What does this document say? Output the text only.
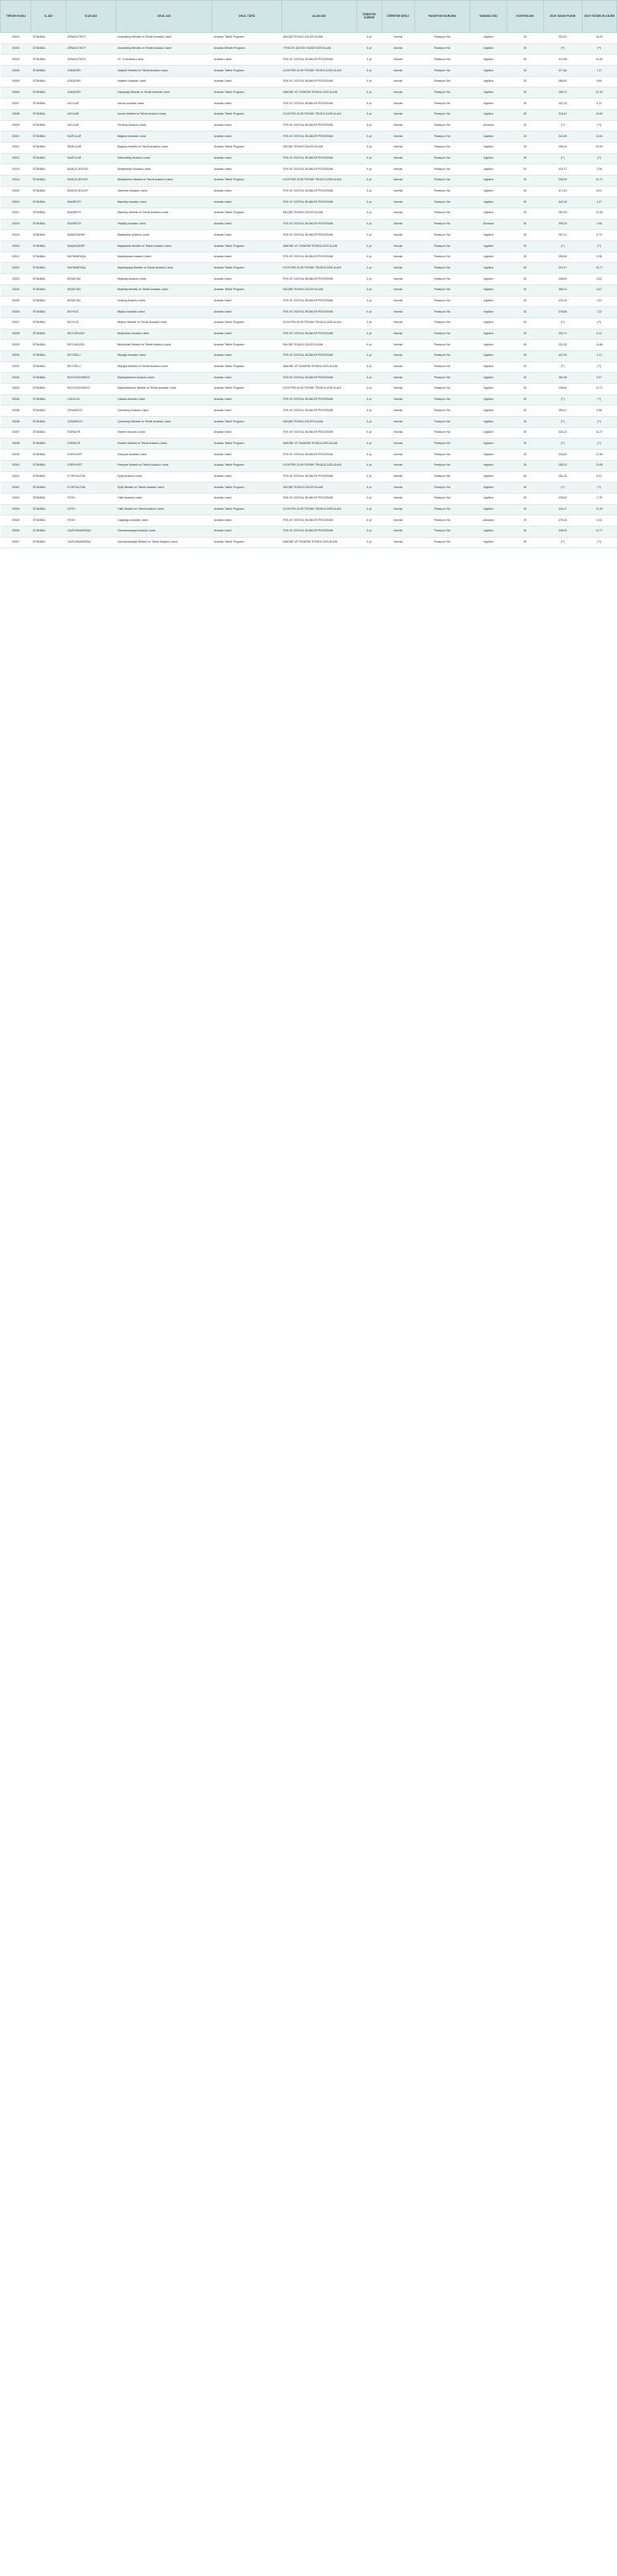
TERCİH KODU	İL ADI	İLÇE ADI	OKUL ADI	OKUL TÜRÜ	ALAN ADI	ÖĞRETİM SÜRESİ	ÖĞRETİM ŞEKLİ	PANSİYON DURUMU	YABANCI DİLİ	KONTENJAN	2019 TAVAN PUANI	2019 YÜZDELİK DİLİMİ
33001	İSTANBUL	ARNAVUTKÖY	Arnavutköy Mesleki ve Teknik Anadolu Lisesi	Anadolu Teknik Programı	BİLİŞİM TEKNOLOJİLERİ ALANI	4 yıl	Normal	Pansiyon Yok	İngilizce	30	303,20	18,20
33002	İSTANBUL	ARNAVUTKÖY	Arnavutköy Mesleki ve Teknik Anadolu Lisesi	Anadolu Meslek Programı	YİYECEK İÇECEK HİZMETLERİ ALANI	4 yıl	Normal	Pansiyon Yok	İngilizce	30	(**)	(**)
33003	İSTANBUL	ARNAVUTKÖY	75. Yıl Anadolu Lisesi	Anadolu Lisesi	FEN VE SOSYAL BİLİMLER PROGRAMI	4 yıl	Normal	Pansiyon Yok	İngilizce	30	312,98	16,45
33004	İSTANBUL	ATAŞEHİR	Ataşehir Mesleki ve Teknik Anadolu Lisesi	Anadolu Teknik Programı	ELEKTRİK-ELEKTRONİK TEKNOLOJİSİ ALANI	4 yıl	Normal	Pansiyon Yok	İngilizce	30	377,66	7,37
33005	İSTANBUL	ATAŞEHİR	Ataşehir Anadolu Lisesi	Anadolu Lisesi	FEN VE SOSYAL BİLİMLER PROGRAMI	4 yıl	Normal	Pansiyon Yok	İngilizce	30	386,59	5,89
33006	İSTANBUL	ATAŞEHİR	Kayışdağı Mesleki ve Teknik Anadolu Lisesi	Anadolu Teknik Programı	MAKİNE VE TASARIM TEKNOLOJİSİ ALANI	4 yıl	Normal	Pansiyon Yok	İngilizce	30	288,70	22,19
33007	İSTANBUL	AVCILAR	Avcılar Anadolu Lisesi	Anadolu Lisesi	FEN VE SOSYAL BİLİMLER PROGRAMI	4 yıl	Normal	Pansiyon Yok	İngilizce	30	402,15	4,12
33008	İSTANBUL	AVCILAR	Avcılar Mesleki ve Teknik Anadolu Lisesi	Anadolu Teknik Programı	ELEKTRİK-ELEKTRONİK TEKNOLOJİSİ ALANI	4 yıl	Normal	Pansiyon Yok	İngilizce	30	318,42	15,60
33009	İSTANBUL	AVCILAR	Firuzköy Anadolu Lisesi	Anadolu Lisesi	FEN VE SOSYAL BİLİMLER PROGRAMI	4 yıl	Normal	Pansiyon Yok	Almanca	30	(**)	(**)
33010	İSTANBUL	BAĞCILAR	Bağcılar Anadolu Lisesi	Anadolu Lisesi	FEN VE SOSYAL BİLİMLER PROGRAMI	4 yıl	Normal	Pansiyon Yok	İngilizce	30	341,55	11,84
33011	İSTANBUL	BAĞCILAR	Bağcılar Mesleki ve Teknik Anadolu Lisesi	Anadolu Teknik Programı	BİLİŞİM TEKNOLOJİLERİ ALANI	4 yıl	Normal	Pansiyon Yok	İngilizce	30	296,14	20,33
33012	İSTANBUL	BAĞCILAR	Mahmutbey Anadolu Lisesi	Anadolu Lisesi	FEN VE SOSYAL BİLİMLER PROGRAMI	4 yıl	Normal	Pansiyon Yok	İngilizce	30	(**)	(**)
33013	İSTANBUL	BAHÇELİEVLER	Bahçelievler Anadolu Lisesi	Anadolu Lisesi	FEN VE SOSYAL BİLİMLER PROGRAMI	4 yıl	Normal	Pansiyon Yok	İngilizce	30	415,77	2,98
33014	İSTANBUL	BAHÇELİEVLER	Bahçelievler Mesleki ve Teknik Anadolu Lisesi	Anadolu Teknik Programı	ELEKTRİK-ELEKTRONİK TEKNOLOJİSİ ALANI	4 yıl	Normal	Pansiyon Yok	İngilizce	30	330,09	13,71
33015	İSTANBUL	BAHÇELİEVLER	Şirinevler Anadolu Lisesi	Anadolu Lisesi	FEN VE SOSYAL BİLİMLER PROGRAMI	4 yıl	Normal	Pansiyon Yok	İngilizce	30	372,40	8,02
33016	İSTANBUL	BAKIRKÖY	Bakırköy Anadolu Lisesi	Anadolu Lisesi	FEN VE SOSYAL BİLİMLER PROGRAMI	4 yıl	Normal	Pansiyon Yok	İngilizce	30	442,18	1,47
33017	İSTANBUL	BAKIRKÖY	Bakırköy Mesleki ve Teknik Anadolu Lisesi	Anadolu Teknik Programı	BİLİŞİM TEKNOLOJİLERİ ALANI	4 yıl	Normal	Pansiyon Yok	İngilizce	30	351,90	10,45
33018	İSTANBUL	BAKIRKÖY	Yeşilköy Anadolu Lisesi	Anadolu Lisesi	FEN VE SOSYAL BİLİMLER PROGRAMI	4 yıl	Normal	Pansiyon Yok	Almanca	30	398,33	4,56
33019	İSTANBUL	BAŞAKŞEHİR	Başakşehir Anadolu Lisesi	Anadolu Lisesi	FEN VE SOSYAL BİLİMLER PROGRAMI	4 yıl	Normal	Pansiyon Yok	İngilizce	30	367,21	8,74
33020	İSTANBUL	BAŞAKŞEHİR	Başakşehir Mesleki ve Teknik Anadolu Lisesi	Anadolu Teknik Programı	MAKİNE VE TASARIM TEKNOLOJİSİ ALANI	4 yıl	Normal	Pansiyon Yok	İngilizce	30	(**)	(**)
33021	İSTANBUL	BAYRAMPAŞA	Bayrampaşa Anadolu Lisesi	Anadolu Lisesi	FEN VE SOSYAL BİLİMLER PROGRAMI	4 yıl	Normal	Pansiyon Yok	İngilizce	30	355,64	9,98
33022	İSTANBUL	BAYRAMPAŞA	Bayrampaşa Mesleki ve Teknik Anadolu Lisesi	Anadolu Teknik Programı	ELEKTRİK-ELEKTRONİK TEKNOLOJİSİ ALANI	4 yıl	Normal	Pansiyon Yok	İngilizce	30	301,47	18,77
33023	İSTANBUL	BEŞİKTAŞ	Beşiktaş Anadolu Lisesi	Anadolu Lisesi	FEN VE SOSYAL BİLİMLER PROGRAMI	4 yıl	Normal	Pansiyon Yok	İngilizce	30	468,50	0,62
33024	İSTANBUL	BEŞİKTAŞ	Beşiktaş Mesleki ve Teknik Anadolu Lisesi	Anadolu Teknik Programı	BİLİŞİM TEKNOLOJİLERİ ALANI	4 yıl	Normal	Pansiyon Yok	İngilizce	30	389,12	5,47
33025	İSTANBUL	BEŞİKTAŞ	Ortaköy Anadolu Lisesi	Anadolu Lisesi	FEN VE SOSYAL BİLİMLER PROGRAMI	4 yıl	Normal	Pansiyon Yok	İngilizce	30	421,06	2,51
33026	İSTANBUL	BEYKOZ	Beykoz Anadolu Lisesi	Anadolu Lisesi	FEN VE SOSYAL BİLİMLER PROGRAMI	4 yıl	Normal	Pansiyon Yok	İngilizce	30	378,88	7,22
33027	İSTANBUL	BEYKOZ	Beykoz Mesleki ve Teknik Anadolu Lisesi	Anadolu Teknik Programı	ELEKTRİK-ELEKTRONİK TEKNOLOJİSİ ALANI	4 yıl	Normal	Pansiyon Yok	İngilizce	30	(**)	(**)
33028	İSTANBUL	BEYLİKDÜZÜ	Beylikdüzü Anadolu Lisesi	Anadolu Lisesi	FEN VE SOSYAL BİLİMLER PROGRAMI	4 yıl	Normal	Pansiyon Yok	İngilizce	30	392,71	5,12
33029	İSTANBUL	BEYLİKDÜZÜ	Beylikdüzü Mesleki ve Teknik Anadolu Lisesi	Anadolu Teknik Programı	BİLİŞİM TEKNOLOJİLERİ ALANI	4 yıl	Normal	Pansiyon Yok	İngilizce	30	322,35	14,88
33030	İSTANBUL	BEYOĞLU	Beyoğlu Anadolu Lisesi	Anadolu Lisesi	FEN VE SOSYAL BİLİMLER PROGRAMI	4 yıl	Normal	Pansiyon Yok	İngilizce	30	447,93	1,21
33031	İSTANBUL	BEYOĞLU	Beyoğlu Mesleki ve Teknik Anadolu Lisesi	Anadolu Teknik Programı	MAKİNE VE TASARIM TEKNOLOJİSİ ALANI	4 yıl	Normal	Pansiyon Yok	İngilizce	30	(**)	(**)
33032	İSTANBUL	BÜYÜKÇEKMECE	Büyükçekmece Anadolu Lisesi	Anadolu Lisesi	FEN VE SOSYAL BİLİMLER PROGRAMI	4 yıl	Normal	Pansiyon Yok	İngilizce	30	361,08	9,37
33033	İSTANBUL	BÜYÜKÇEKMECE	Büyükçekmece Mesleki ve Teknik Anadolu Lisesi	Anadolu Teknik Programı	ELEKTRİK-ELEKTRONİK TEKNOLOJİSİ ALANI	4 yıl	Normal	Pansiyon Yok	İngilizce	30	298,64	19,71
33034	İSTANBUL	ÇATALCA	Çatalca Anadolu Lisesi	Anadolu Lisesi	FEN VE SOSYAL BİLİMLER PROGRAMI	4 yıl	Normal	Pansiyon Yok	İngilizce	30	(**)	(**)
33035	İSTANBUL	ÇEKMEKÖY	Çekmeköy Anadolu Lisesi	Anadolu Lisesi	FEN VE SOSYAL BİLİMLER PROGRAMI	4 yıl	Normal	Pansiyon Yok	İngilizce	30	359,47	9,56
33036	İSTANBUL	ÇEKMEKÖY	Çekmeköy Mesleki ve Teknik Anadolu Lisesi	Anadolu Teknik Programı	BİLİŞİM TEKNOLOJİLERİ ALANI	4 yıl	Normal	Pansiyon Yok	İngilizce	30	(**)	(**)
33037	İSTANBUL	ESENLER	Esenler Anadolu Lisesi	Anadolu Lisesi	FEN VE SOSYAL BİLİMLER PROGRAMI	4 yıl	Normal	Pansiyon Yok	İngilizce	30	326,19	14,27
33038	İSTANBUL	ESENLER	Esenler Mesleki ve Teknik Anadolu Lisesi	Anadolu Teknik Programı	MAKİNE VE TASARIM TEKNOLOJİSİ ALANI	4 yıl	Normal	Pansiyon Yok	İngilizce	30	(**)	(**)
33039	İSTANBUL	ESENYURT	Esenyurt Anadolu Lisesi	Anadolu Lisesi	FEN VE SOSYAL BİLİMLER PROGRAMI	4 yıl	Normal	Pansiyon Yok	İngilizce	30	334,82	12,96
33040	İSTANBUL	ESENYURT	Esenyurt Mesleki ve Teknik Anadolu Lisesi	Anadolu Teknik Programı	ELEKTRİK-ELEKTRONİK TEKNOLOJİSİ ALANI	4 yıl	Normal	Pansiyon Yok	İngilizce	30	285,33	23,08
33041	İSTANBUL	EYÜPSULTAN	Eyüp Anadolu Lisesi	Anadolu Lisesi	FEN VE SOSYAL BİLİMLER PROGRAMI	4 yıl	Normal	Pansiyon Yok	İngilizce	30	381,26	6,91
33042	İSTANBUL	EYÜPSULTAN	Eyüp Mesleki ve Teknik Anadolu Lisesi	Anadolu Teknik Programı	BİLİŞİM TEKNOLOJİLERİ ALANI	4 yıl	Normal	Pansiyon Yok	İngilizce	30	(**)	(**)
33043	İSTANBUL	FATİH	Fatih Anadolu Lisesi	Anadolu Lisesi	FEN VE SOSYAL BİLİMLER PROGRAMI	4 yıl	Normal	Pansiyon Yok	İngilizce	30	436,52	1,78
33044	İSTANBUL	FATİH	Fatih Mesleki ve Teknik Anadolu Lisesi	Anadolu Teknik Programı	ELEKTRİK-ELEKTRONİK TEKNOLOJİSİ ALANI	4 yıl	Normal	Pansiyon Yok	İngilizce	30	344,17	11,39
33045	İSTANBUL	FATİH	Cağaloğlu Anadolu Lisesi	Anadolu Lisesi	FEN VE SOSYAL BİLİMLER PROGRAMI	4 yıl	Normal	Pansiyon Yok	Almanca	30	475,04	0,43
33046	İSTANBUL	GAZİOSMANPAŞA	Gaziosmanpaşa Anadolu Lisesi	Anadolu Lisesi	FEN VE SOSYAL BİLİMLER PROGRAMI	4 yıl	Normal	Pansiyon Yok	İngilizce	30	348,93	10,77
33047	İSTANBUL	GAZİOSMANPAŞA	Gaziosmanpaşa Mesleki ve Teknik Anadolu Lisesi	Anadolu Teknik Programı	MAKİNE VE TASARIM TEKNOLOJİSİ ALANI	4 yıl	Normal	Pansiyon Yok	İngilizce	30	(**)	(**)
